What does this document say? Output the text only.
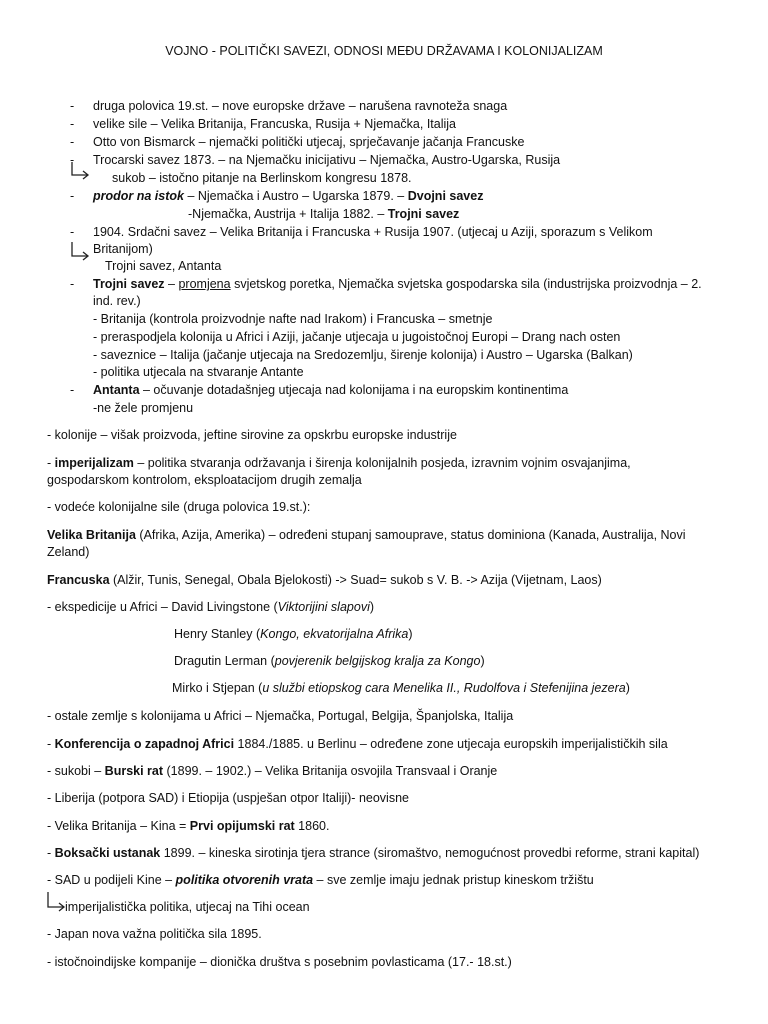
VOJNO - POLITIČKI SAVEZI, ODNOSI MEĐU DRŽAVAMA I KOLONIJALIZAM
- druga polovica 19.st. – nove europske države – narušena ravnoteža snaga
- velike sile – Velika Britanija, Francuska, Rusija + Njemačka, Italija
- Otto von Bismarck – njemački politički utjecaj, sprječavanje jačanja Francuske
- Trocarski savez 1873. – na Njemačku inicijativu – Njemačka, Austro-Ugarska, Rusija
sukob – istočno pitanje na Berlinskom kongresu 1878.
- prodor na istok – Njemačka i Austro – Ugarska 1879. – Dvojni savez
-Njemačka, Austrija + Italija 1882. – Trojni savez
- 1904. Srdačni savez – Velika Britanija i Francuska + Rusija 1907. (utjecaj u Aziji, sporazum s Velikom
Britanijom)
Trojni savez, Antanta
- Trojni savez – promjena svjetskog poretka, Njemačka svjetska gospodarska sila (industrijska proizvodnja – 2.
ind. rev.)
- Britanija (kontrola proizvodnje nafte nad Irakom) i Francuska – smetnje
- preraspodjela kolonija u Africi i Aziji, jačanje utjecaja u jugoistočnoj Europi – Drang nach osten
- saveznice – Italija (jačanje utjecaja na Sredozemlju, širenje kolonija) i Austro – Ugarska (Balkan)
- politika utjecala na stvaranje Antante
- Antanta – očuvanje dotadašnjeg utjecaja nad kolonijama i na europskim kontinentima
-ne žele promjenu
- kolonije – višak proizvoda, jeftine sirovine za opskrbu europske industrije
- imperijalizam – politika stvaranja održavanja i širenja kolonijalnih posjeda, izravnim vojnim osvajanjima,
gospodarskom kontrolom, eksploatacijom drugih zemalja
- vodeće kolonijalne sile (druga polovica 19.st.):
Velika Britanija (Afrika, Azija, Amerika) – određeni stupanj samouprave, status dominiona (Kanada, Australija, Novi
Zeland)
Francuska (Alžir, Tunis, Senegal, Obala Bjelokosti) -> Suad= sukob s V. B. -> Azija (Vijetnam, Laos)
- ekspedicije u Africi – David Livingstone (Viktorijini slapovi)
Henry Stanley (Kongo, ekvatorijalna Afrika)
Dragutin Lerman (povjerenik belgijskog kralja za Kongo)
Mirko i Stjepan (u službi etiopskog cara Menelika II., Rudolfova i Stefenijina jezera)
- ostale zemlje s kolonijama u Africi – Njemačka, Portugal, Belgija, Španjolska, Italija
- Konferencija o zapadnoj Africi 1884./1885. u Berlinu – određene zone utjecaja europskih imperijalističkih sila
- sukobi – Burski rat (1899. – 1902.) – Velika Britanija osvojila Transvaal i Oranje
- Liberija (potpora SAD) i Etiopija (uspješan otpor Italiji)- neovisne
- Velika Britanija – Kina = Prvi opijumski rat 1860.
- Boksački ustanak 1899. – kineska sirotinja tjera strance (siromaštvo, nemogućnost provedbi reforme, strani kapital)
- SAD u podijeli Kine – politika otvorenih vrata – sve zemlje imaju jednak pristup kineskom tržištu
imperijalistička politika, utjecaj na Tihi ocean
- Japan nova važna politička sila 1895.
- istočnoindijske kompanije – dionička društva s posebnim povlasticama (17.- 18.st.)
